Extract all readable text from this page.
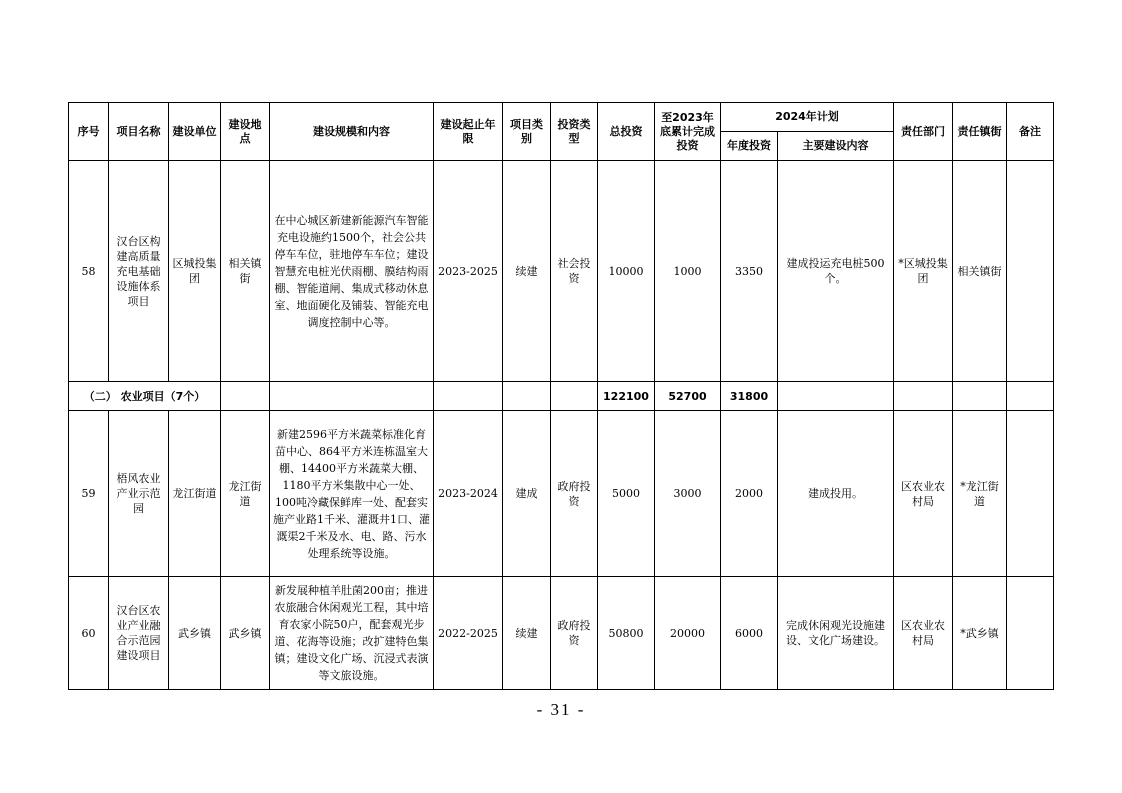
序号	项目名称	建设单位	建设地点	建设规模和内容	建设起止年限	项目类别	投资类型	总投资	至2023年底累计完成投资	2024年计划		责任部门	责任镇街	备注
										年度投资	主要建设内容			
58	汉台区构建高质量充电基础设施体系项目	区城投集团	相关镇街	在中心城区新建新能源汽车智能充电设施约1500个，社会公共停车车位，驻地停车车位；建设智慧充电桩光伏雨棚、膜结构雨棚、智能道闸、集成式移动休息室、地面硬化及铺装、智能充电调度控制中心等。	2023-2025	续建	社会投资	10000	1000	3350	建成投运充电桩500个。	*区城投集团	相关镇街	
（二） 农业项目（7个）								122100	52700	31800				
59	梧风农业产业示范园	龙江街道	龙江街道	新建2596平方米蔬菜标准化育苗中心、864平方米连栋温室大棚、14400平方米蔬菜大棚、1180平方米集散中心一处、100吨冷藏保鲜库一处、配套实施产业路1千米、灌溉井1口、灌溉渠2千米及水、电、路、污水处理系统等设施。	2023-2024	建成	政府投资	5000	3000	2000	建成投用。	区农业农村局	*龙江街道	
60	汉台区农业产业融合示范园建设项目	武乡镇	武乡镇	新发展种植羊肚菌200亩；推进农旅融合休闲观光工程，其中培育农家小院50户，配套观光步道、花海等设施；改扩建特色集镇；建设文化广场、沉浸式表演等文旅设施。	2022-2025	续建	政府投资	50800	20000	6000	完成休闲观光设施建设、文化广场建设。	区农业农村局	*武乡镇	
- 31 -
